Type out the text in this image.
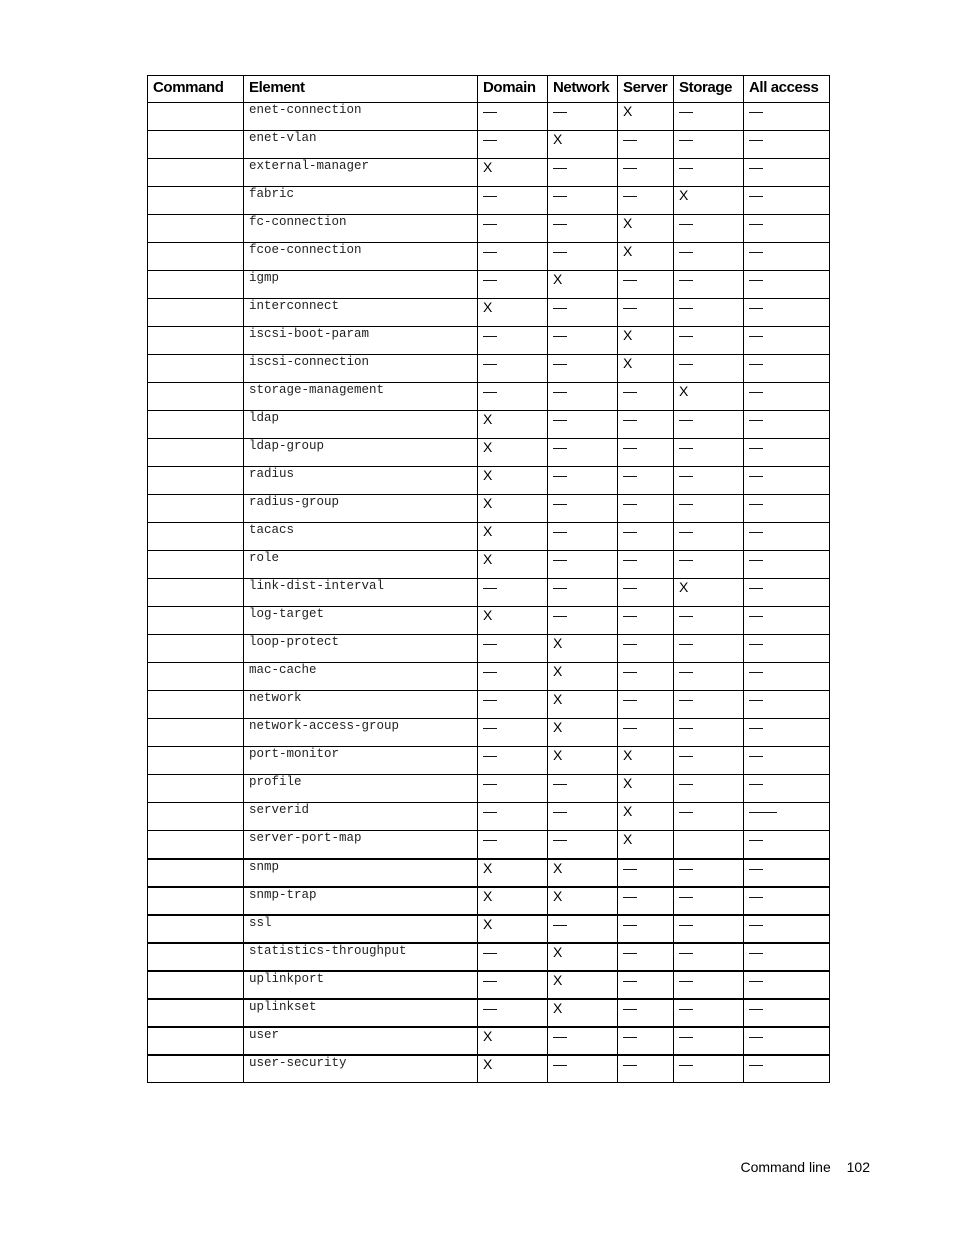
Command	Element	Domain	Network	Server	Storage	All access
	enet-connection	—	—	X	—	—
	enet-vlan	—	X	—	—	—
	external-manager	X	—	—	—	—
	fabric	—	—	—	X	—
	fc-connection	—	—	X	—	—
	fcoe-connection	—	—	X	—	—
	igmp	—	X	—	—	—
	interconnect	X	—	—	—	—
	iscsi-boot-param	—	—	X	—	—
	iscsi-connection	—	—	X	—	—
	storage-management	—	—	—	X	—
	ldap	X	—	—	—	—
	ldap-group	X	—	—	—	—
	radius	X	—	—	—	—
	radius-group	X	—	—	—	—
	tacacs	X	—	—	—	—
	role	X	—	—	—	—
	link-dist-interval	—	—	—	X	—
	log-target	X	—	—	—	—
	loop-protect	—	X	—	—	—
	mac-cache	—	X	—	—	—
	network	—	X	—	—	—
	network-access-group	—	X	—	—	—
	port-monitor	—	X	X	—	—
	profile	—	—	X	—	—
	serverid	—	—	X	—	——
	server-port-map	—	—	X		—
	snmp	X	X	—	—	—
	snmp-trap	X	X	—	—	—
	ssl	X	—	—	—	—
	statistics-throughput	—	X	—	—	—
	uplinkport	—	X	—	—	—
	uplinkset	—	X	—	—	—
	user	X	—	—	—	—
	user-security	X	—	—	—	—
Command line 102
